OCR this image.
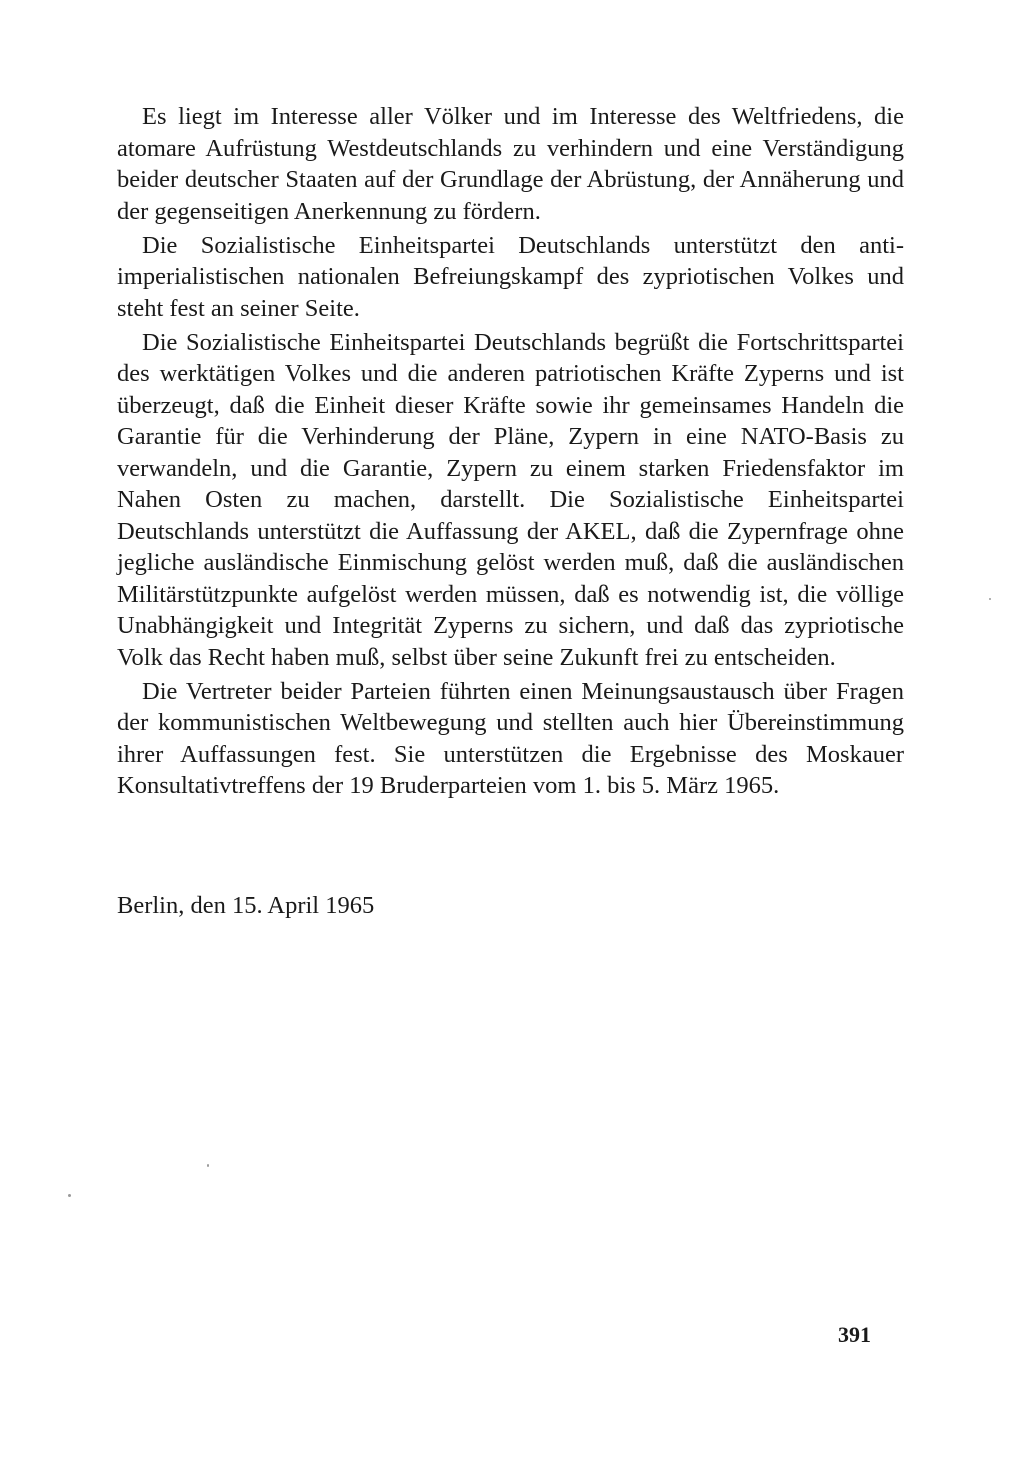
Es liegt im Interesse aller Völker und im Interesse des Weltfriedens, die atomare Aufrüstung Westdeutschlands zu verhindern und eine Verständigung beider deutscher Staaten auf der Grundlage der Abrüstung, der Annäherung und der gegenseitigen Anerkennung zu fördern.

Die Sozialistische Einheitspartei Deutschlands unterstützt den antiimperialistischen nationalen Befreiungskampf des zypriotischen Volkes und steht fest an seiner Seite.

Die Sozialistische Einheitspartei Deutschlands begrüßt die Fortschrittspartei des werktätigen Volkes und die anderen patriotischen Kräfte Zyperns und ist überzeugt, daß die Einheit dieser Kräfte sowie ihr gemeinsames Handeln die Garantie für die Verhinderung der Pläne, Zypern in eine NATO-Basis zu verwandeln, und die Garantie, Zypern zu einem starken Friedensfaktor im Nahen Osten zu machen, darstellt. Die Sozialistische Einheitspartei Deutschlands unterstützt die Auffassung der AKEL, daß die Zypernfrage ohne jegliche ausländische Einmischung gelöst werden muß, daß die ausländischen Militärstützpunkte aufgelöst werden müssen, daß es notwendig ist, die völlige Unabhängigkeit und Integrität Zyperns zu sichern, und daß das zypriotische Volk das Recht haben muß, selbst über seine Zukunft frei zu entscheiden.

Die Vertreter beider Parteien führten einen Meinungsaustausch über Fragen der kommunistischen Weltbewegung und stellten auch hier Übereinstimmung ihrer Auffassungen fest. Sie unterstützen die Ergebnisse des Moskauer Konsultativtreffens der 19 Bruderparteien vom 1. bis 5. März 1965.

Berlin, den 15. April 1965
391
